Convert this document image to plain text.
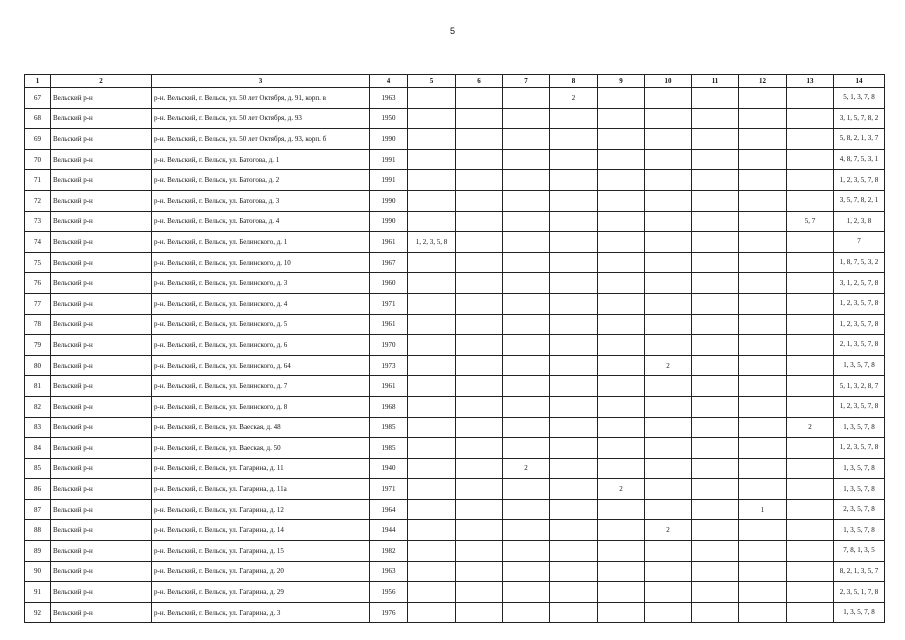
5
1	2	3	4	5	6	7	8	9	10	11	12	13	14
67	Вельский р-н	р-н. Вельский, г. Вельск, ул. 50 лет Октября, д. 91, корп. в	1963				2						5, 1, 3, 7, 8
68	Вельский р-н	р-н. Вельский, г. Вельск, ул. 50 лет Октября, д. 93	1950										3, 1, 5, 7, 8, 2
69	Вельский р-н	р-н. Вельский, г. Вельск, ул. 50 лет Октября, д. 93, корп. б	1990										5, 8, 2, 1, 3, 7
70	Вельский р-н	р-н. Вельский, г. Вельск, ул. Батогова, д. 1	1991										4, 8, 7, 5, 3, 1
71	Вельский р-н	р-н. Вельский, г. Вельск, ул. Батогова, д. 2	1991										1, 2, 3, 5, 7, 8
72	Вельский р-н	р-н. Вельский, г. Вельск, ул. Батогова, д. 3	1990										3, 5, 7, 8, 2, 1
73	Вельский р-н	р-н. Вельский, г. Вельск, ул. Батогова, д. 4	1990									5, 7	1, 2, 3, 8
74	Вельский р-н	р-н. Вельский, г. Вельск, ул. Белинского, д. 1	1961	1, 2, 3, 5, 8									7
75	Вельский р-н	р-н. Вельский, г. Вельск, ул. Белинского, д. 10	1967										1, 8, 7, 5, 3, 2
76	Вельский р-н	р-н. Вельский, г. Вельск, ул. Белинского, д. 3	1960										3, 1, 2, 5, 7, 8
77	Вельский р-н	р-н. Вельский, г. Вельск, ул. Белинского, д. 4	1971										1, 2, 3, 5, 7, 8
78	Вельский р-н	р-н. Вельский, г. Вельск, ул. Белинского, д. 5	1961										1, 2, 3, 5, 7, 8
79	Вельский р-н	р-н. Вельский, г. Вельск, ул. Белинского, д. 6	1970										2, 1, 3, 5, 7, 8
80	Вельский р-н	р-н. Вельский, г. Вельск, ул. Белинского, д. 64	1973						2				1, 3, 5, 7, 8
81	Вельский р-н	р-н. Вельский, г. Вельск, ул. Белинского, д. 7	1961										5, 1, 3, 2, 8, 7
82	Вельский р-н	р-н. Вельский, г. Вельск, ул. Белинского, д. 8	1968										1, 2, 3, 5, 7, 8
83	Вельский р-н	р-н. Вельский, г. Вельск, ул. Ваеская, д. 48	1985									2	1, 3, 5, 7, 8
84	Вельский р-н	р-н. Вельский, г. Вельск, ул. Ваеская, д. 50	1985										1, 2, 3, 5, 7, 8
85	Вельский р-н	р-н. Вельский, г. Вельск, ул. Гагарина, д. 11	1940			2							1, 3, 5, 7, 8
86	Вельский р-н	р-н. Вельский, г. Вельск, ул. Гагарина, д. 11а	1971					2					1, 3, 5, 7, 8
87	Вельский р-н	р-н. Вельский, г. Вельск, ул. Гагарина, д. 12	1964								1		2, 3, 5, 7, 8
88	Вельский р-н	р-н. Вельский, г. Вельск, ул. Гагарина, д. 14	1944						2				1, 3, 5, 7, 8
89	Вельский р-н	р-н. Вельский, г. Вельск, ул. Гагарина, д. 15	1982										7, 8, 1, 3, 5
90	Вельский р-н	р-н. Вельский, г. Вельск, ул. Гагарина, д. 20	1963										8, 2, 1, 3, 5, 7
91	Вельский р-н	р-н. Вельский, г. Вельск, ул. Гагарина, д. 29	1956										2, 3, 5, 1, 7, 8
92	Вельский р-н	р-н. Вельский, г. Вельск, ул. Гагарина, д. 3	1976										1, 3, 5, 7, 8
